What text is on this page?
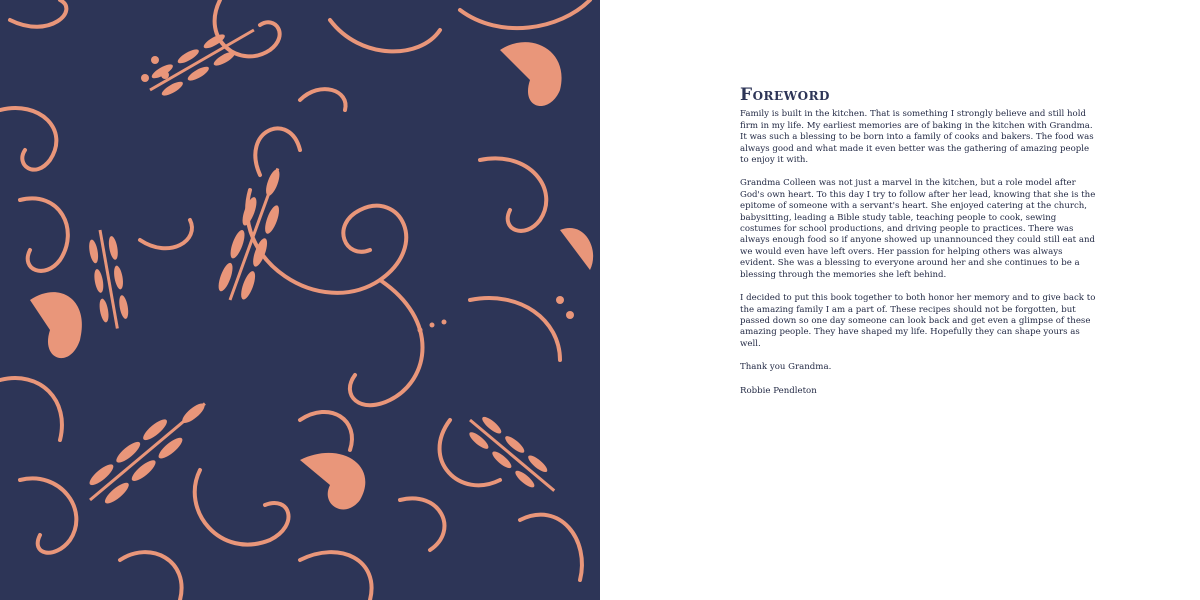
Foreword

Family is built in the kitchen. That is something I strongly believe and still hold firm in my life. My earliest memories are of baking in the kitchen with Grandma. It was such a blessing to be born into a family of cooks and bakers. The food was always good and what made it even better was the gathering of amazing people to enjoy it with.

Grandma Colleen was not just a marvel in the kitchen, but a role model after God's own heart. To this day I try to follow after her lead, knowing that she is the epitome of someone with a servant's heart. She enjoyed catering at the church, babysitting, leading a Bible study table, teaching people to cook, sewing costumes for school productions, and driving people to practices. There was always enough food so if anyone showed up unannounced they could still eat and we would even have left overs. Her passion for helping others was always evident. She was a blessing to everyone around her and she continues to be a blessing through the memories she left behind.

I decided to put this book together to both honor her memory and to give back to the amazing family I am a part of. These recipes should not be forgotten, but passed down so one day someone can look back and get even a glimpse of these amazing people. They have shaped my life. Hopefully they can shape yours as well.

Thank you Grandma.

Robbie Pendleton
